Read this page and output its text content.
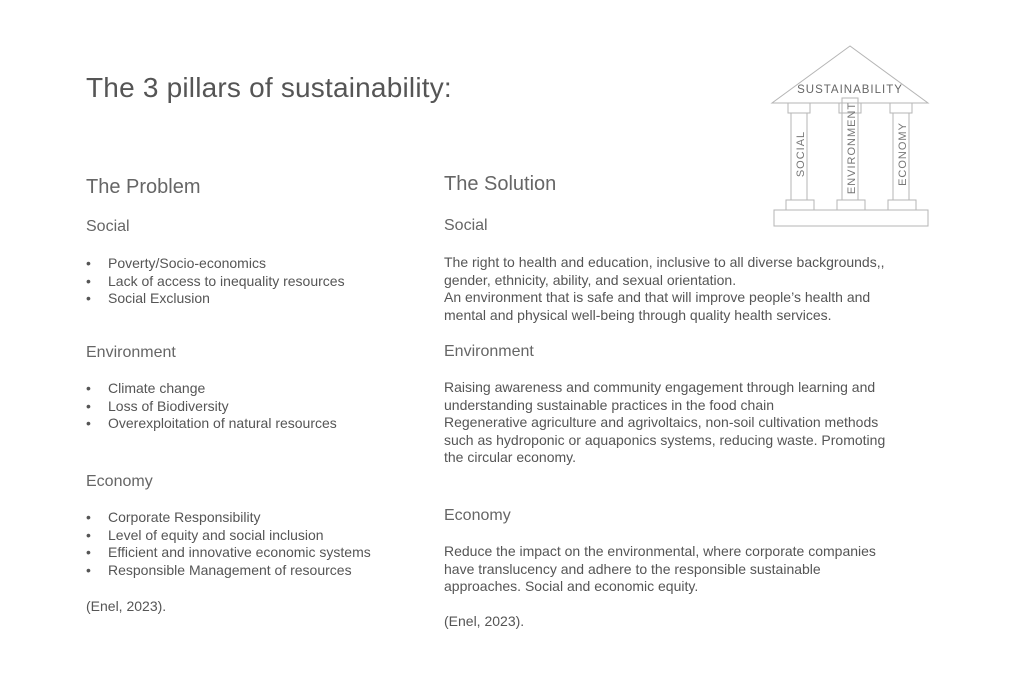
The 3 pillars of sustainability:	SUSTAINABILITY
SOCIAL	ENVIRONMENT	ECONOMY
The Problem
Social
• Poverty/Socio-economics
• Lack of access to inequality resources
• Social Exclusion
Environment
• Climate change
• Loss of Biodiversity
• Overexploitation of natural resources
Economy
• Corporate Responsibility
• Level of equity and social inclusion
• Efficient and innovative economic systems
• Responsible Management of resources
(Enel, 2023).
The Solution
Social
The right to health and education, inclusive to all diverse backgrounds,,
gender, ethnicity, ability, and sexual orientation.
An environment that is safe and that will improve people’s health and
mental and physical well-being through quality health services.
Environment
Raising awareness and community engagement through learning and
understanding sustainable practices in the food chain
Regenerative agriculture and agrivoltaics, non-soil cultivation methods
such as hydroponic or aquaponics systems, reducing waste. Promoting
the circular economy.
Economy
Reduce the impact on the environmental, where corporate companies
have translucency and adhere to the responsible sustainable
approaches. Social and economic equity.
(Enel, 2023).
